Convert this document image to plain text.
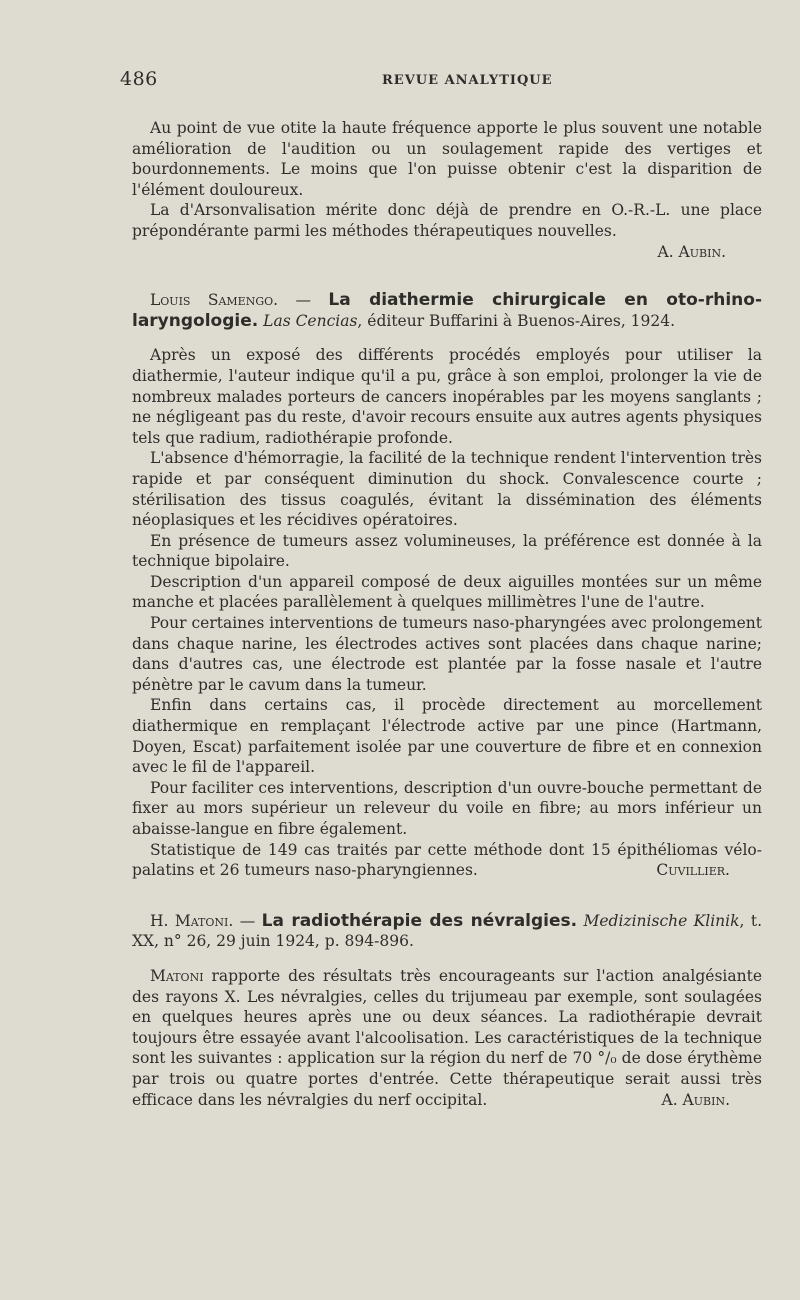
486	REVUE ANALYTIQUE

Au point de vue otite la haute fréquence apporte le plus souvent une notable amélioration de l'audition ou un soulagement rapide des vertiges et bourdonnements. Le moins que l'on puisse obtenir c'est la disparition de l'élément douloureux.

La d'Arsonvalisation mérite donc déjà de prendre en O.-R.-L. une place prépondérante parmi les méthodes thérapeutiques nouvelles.

A. Aubin.

Louis Samengo. — La diathermie chirurgicale en oto-rhino-laryngologie. Las Cencias, éditeur Buffarini à Buenos-Aires, 1924.

Après un exposé des différents procédés employés pour utiliser la diathermie, l'auteur indique qu'il a pu, grâce à son emploi, prolonger la vie de nombreux malades porteurs de cancers inopérables par les moyens sanglants ; ne négligeant pas du reste, d'avoir recours ensuite aux autres agents physiques tels que radium, radiothérapie profonde.

L'absence d'hémorragie, la facilité de la technique rendent l'intervention très rapide et par conséquent diminution du shock. Convalescence courte ; stérilisation des tissus coagulés, évitant la dissémination des éléments néoplasiques et les récidives opératoires.

En présence de tumeurs assez volumineuses, la préférence est donnée à la technique bipolaire.

Description d'un appareil composé de deux aiguilles montées sur un même manche et placées parallèlement à quelques millimètres l'une de l'autre.

Pour certaines interventions de tumeurs naso-pharyngées avec prolongement dans chaque narine, les électrodes actives sont placées dans chaque narine; dans d'autres cas, une électrode est plantée par la fosse nasale et l'autre pénètre par le cavum dans la tumeur.

Enfin dans certains cas, il procède directement au morcellement diathermique en remplaçant l'électrode active par une pince (Hartmann, Doyen, Escat) parfaitement isolée par une couverture de fibre et en connexion avec le fil de l'appareil.

Pour faciliter ces interventions, description d'un ouvre-bouche permettant de fixer au mors supérieur un releveur du voile en fibre; au mors inférieur un abaisse-langue en fibre également.

Statistique de 149 cas traités par cette méthode dont 15 épithéliomas vélo-palatins et 26 tumeurs naso-pharyngiennes.	Cuvillier.

H. Matoni. — La radiothérapie des névralgies. Medizinische Klinik, t. XX, n° 26, 29 juin 1924, p. 894-896.

Matoni rapporte des résultats très encourageants sur l'action analgésiante des rayons X. Les névralgies, celles du trijumeau par exemple, sont soulagées en quelques heures après une ou deux séances. La radiothérapie devrait toujours être essayée avant l'alcoolisation. Les caractéristiques de la technique sont les suivantes : application sur la région du nerf de 70 °/₀ de dose érythème par trois ou quatre portes d'entrée. Cette thérapeutique serait aussi très efficace dans les névralgies du nerf occipital.	A. Aubin.
